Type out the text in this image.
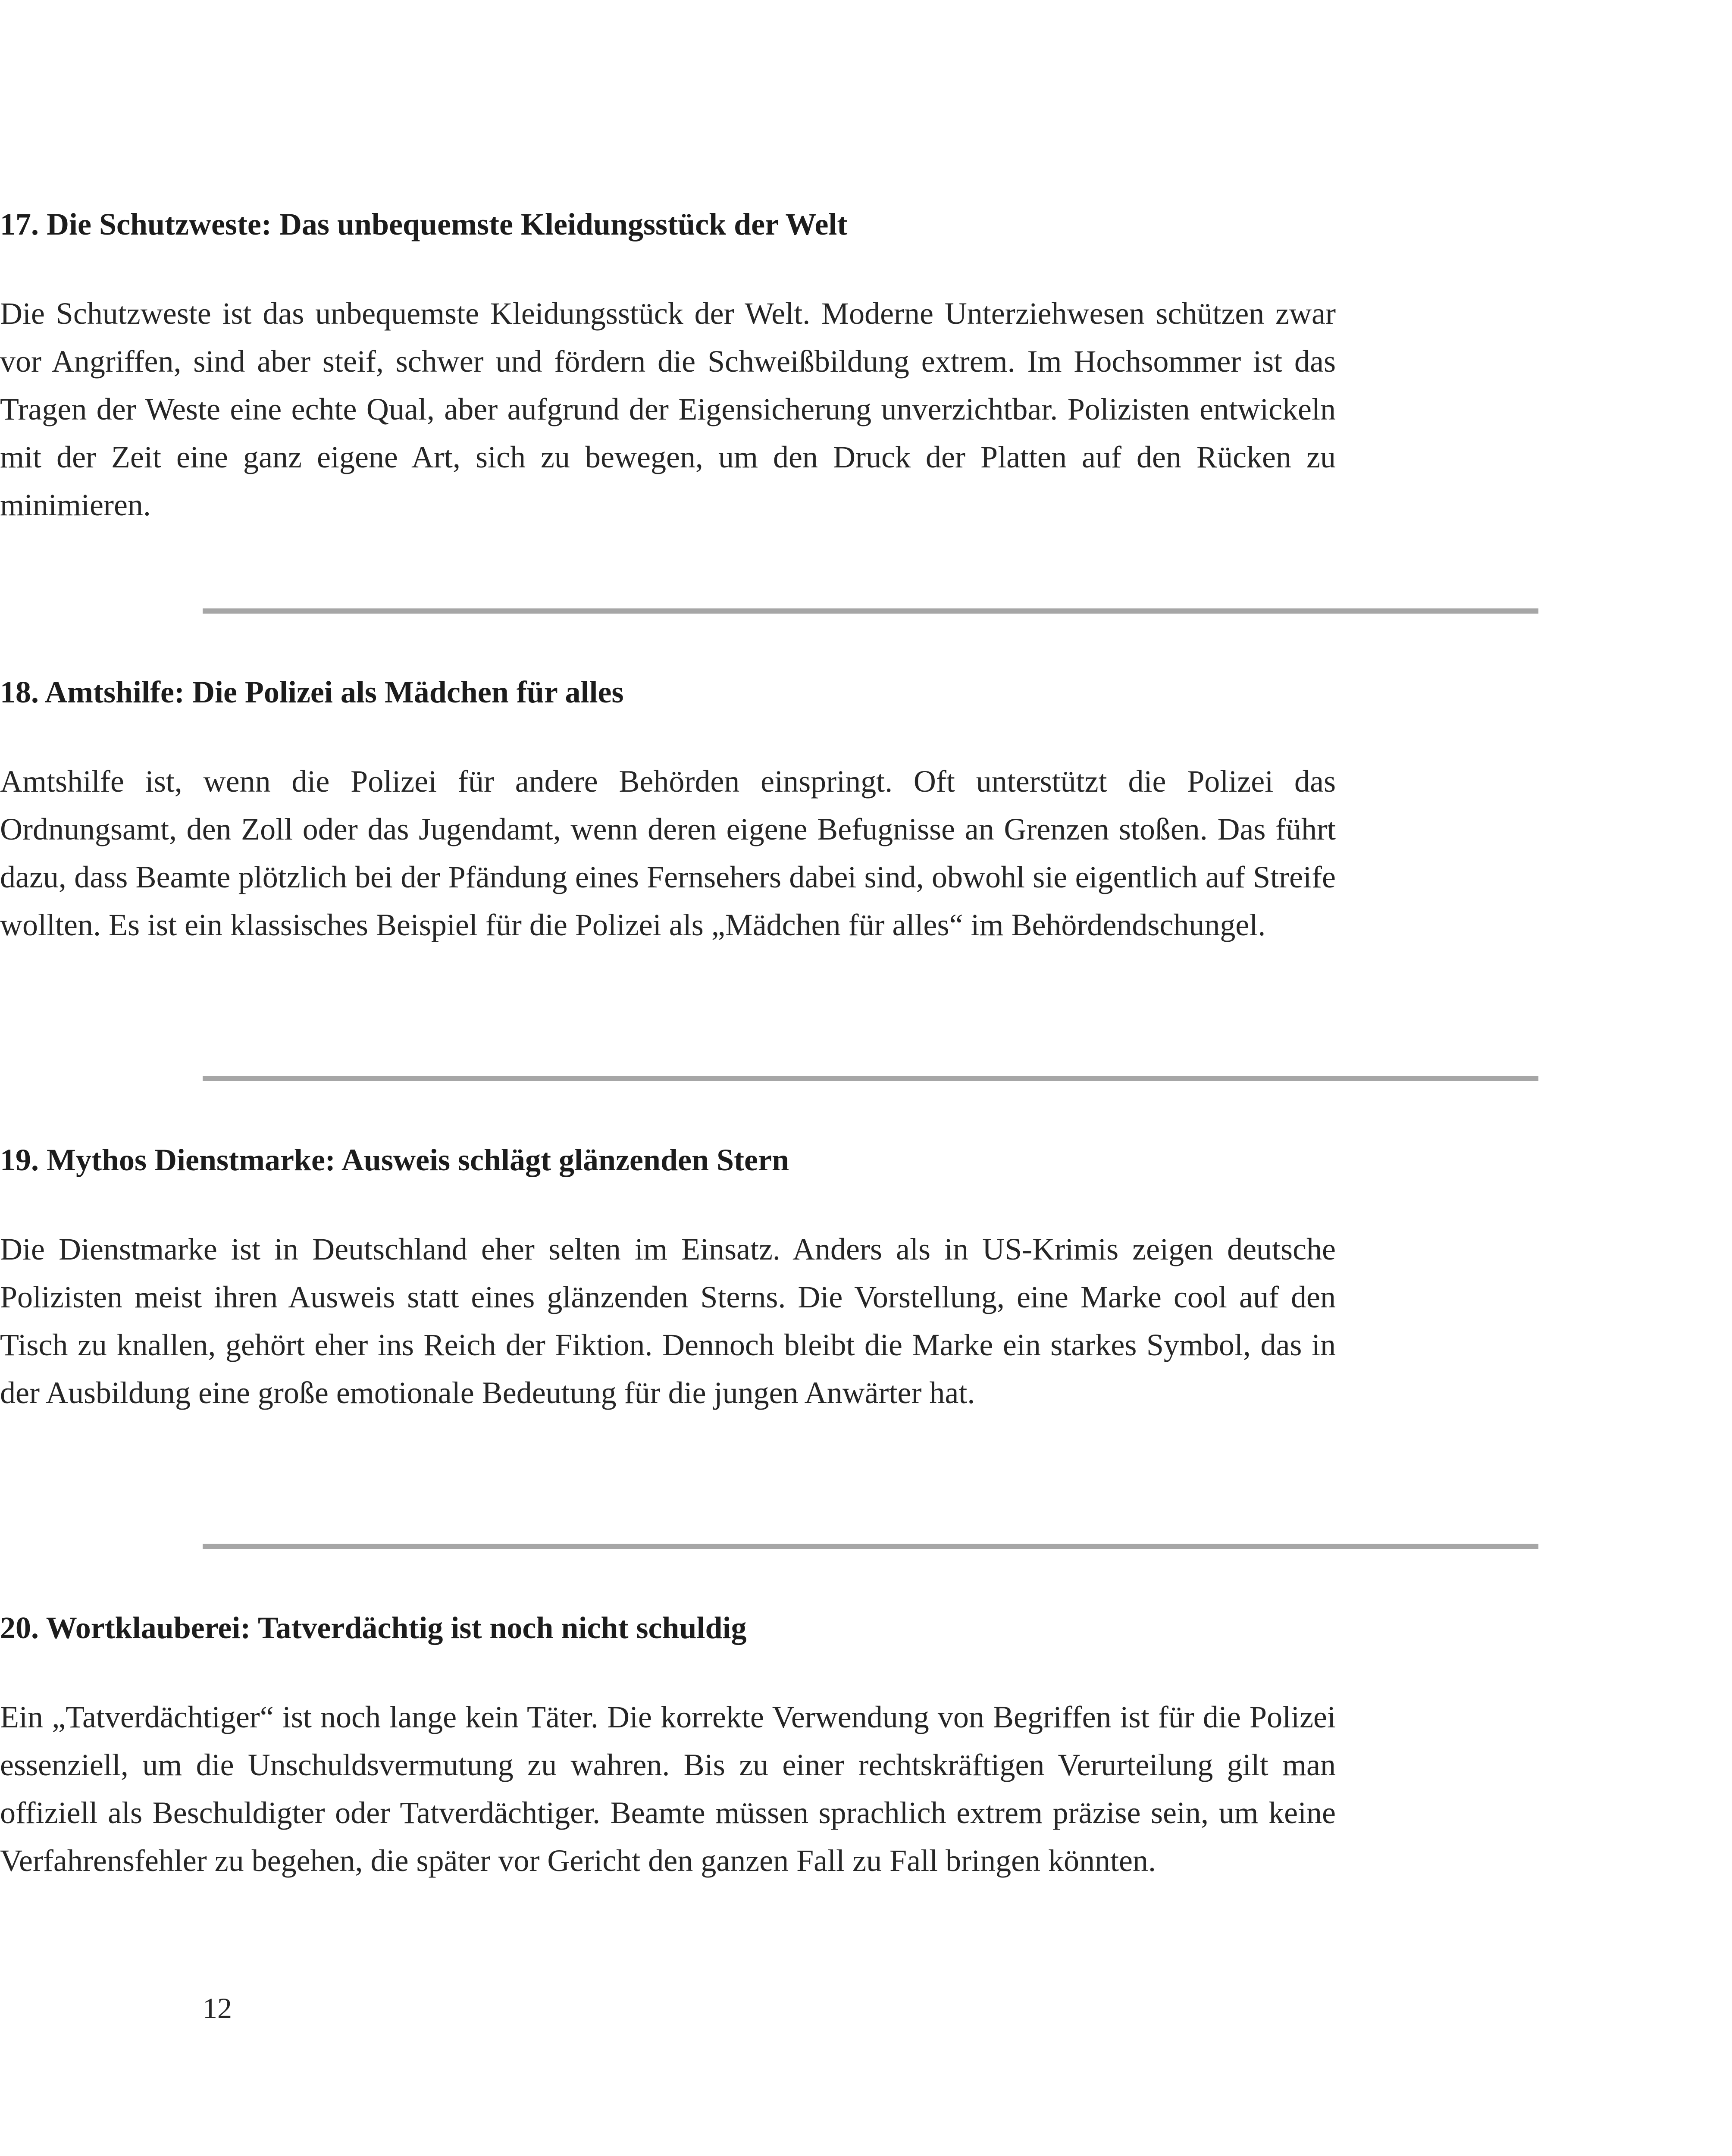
17. Die Schutzweste: Das unbequemste Kleidungsstück der Welt

Die Schutzweste ist das unbequemste Kleidungsstück der Welt. Moderne Unterziehwesen schützen zwar vor Angriffen, sind aber steif, schwer und fördern die Schweißbildung extrem. Im Hochsommer ist das Tragen der Weste eine echte Qual, aber aufgrund der Eigensicherung unverzichtbar. Polizisten entwickeln mit der Zeit eine ganz eigene Art, sich zu bewegen, um den Druck der Platten auf den Rücken zu minimieren.

18. Amtshilfe: Die Polizei als Mädchen für alles

Amtshilfe ist, wenn die Polizei für andere Behörden einspringt. Oft unterstützt die Polizei das Ordnungsamt, den Zoll oder das Jugendamt, wenn deren eigene Befugnisse an Grenzen stoßen. Das führt dazu, dass Beamte plötzlich bei der Pfändung eines Fernsehers dabei sind, obwohl sie eigentlich auf Streife wollten. Es ist ein klassisches Beispiel für die Polizei als „Mädchen für alles“ im Behördendschungel.

19. Mythos Dienstmarke: Ausweis schlägt glänzenden Stern

Die Dienstmarke ist in Deutschland eher selten im Einsatz. Anders als in US-Krimis zeigen deutsche Polizisten meist ihren Ausweis statt eines glänzenden Sterns. Die Vorstellung, eine Marke cool auf den Tisch zu knallen, gehört eher ins Reich der Fiktion. Dennoch bleibt die Marke ein starkes Symbol, das in der Ausbildung eine große emotionale Bedeutung für die jungen Anwärter hat.

20. Wortklauberei: Tatverdächtig ist noch nicht schuldig

Ein „Tatverdächtiger“ ist noch lange kein Täter. Die korrekte Verwendung von Begriffen ist für die Polizei essenziell, um die Unschuldsvermutung zu wahren. Bis zu einer rechtskräftigen Verurteilung gilt man offiziell als Beschuldigter oder Tatverdächtiger. Beamte müssen sprachlich extrem präzise sein, um keine Verfahrensfehler zu begehen, die später vor Gericht den ganzen Fall zu Fall bringen könnten.

12
